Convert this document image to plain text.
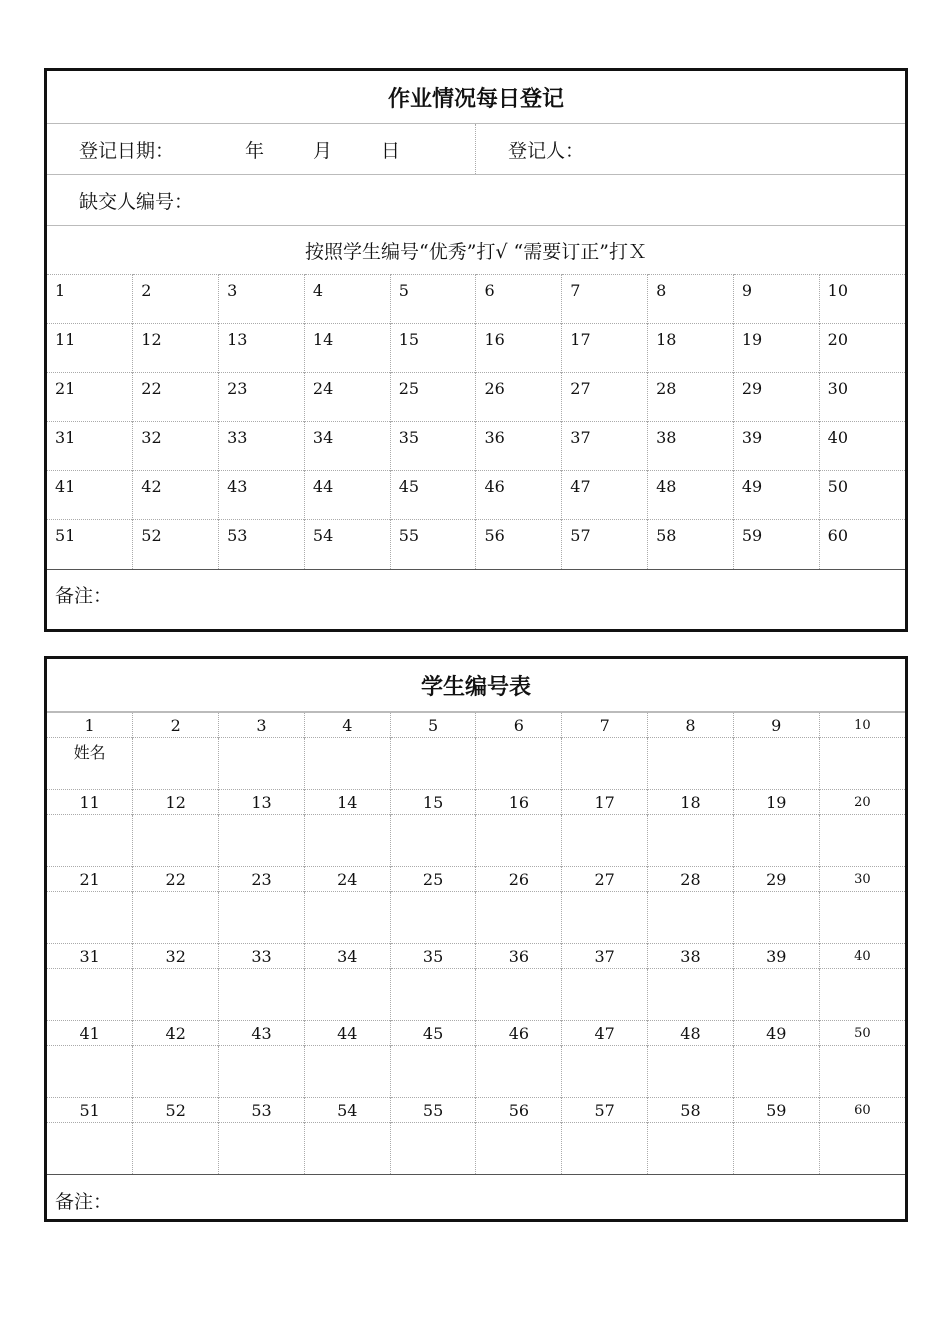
作业情况每日登记
登记日期：	年	月	日	登记人：
缺交人编号：
按照学生编号“优秀”打√ “需要订正”打Ｘ
1	2	3	4	5	6	7	8	9	10
11	12	13	14	15	16	17	18	19	20
21	22	23	24	25	26	27	28	29	30
31	32	33	34	35	36	37	38	39	40
41	42	43	44	45	46	47	48	49	50
51	52	53	54	55	56	57	58	59	60
备注：
学生编号表
1	2	3	4	5	6	7	8	9	10

姓名									

11	12	13	14	15	16	17	18	19	20

21	22	23	24	25	26	27	28	29	30

31	32	33	34	35	36	37	38	39	40

41	42	43	44	45	46	47	48	49	50

51	52	53	54	55	56	57	58	59	60

备注：
